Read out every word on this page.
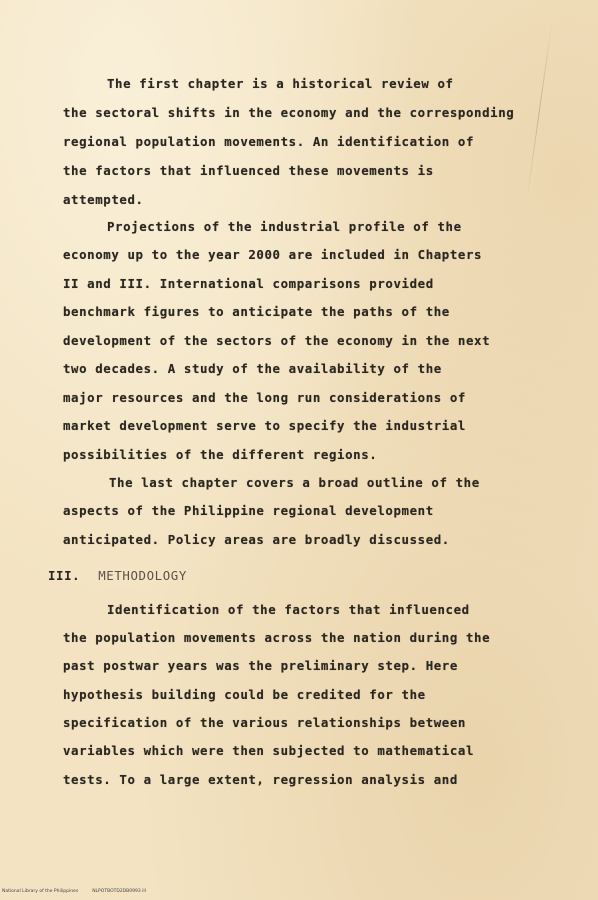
The first chapter is a historical review of
the sectoral shifts in the economy and the corresponding
regional population movements. An identification of
the factors that influenced these movements is
attempted.
Projections of the industrial profile of the
economy up to the year 2000 are included in Chapters
II and III. International comparisons provided
benchmark figures to anticipate the paths of the
development of the sectors of the economy in the next
two decades. A study of the availability of the
major resources and the long run considerations of
market development serve to specify the industrial
possibilities of the different regions.
The last chapter covers a broad outline of the
aspects of the Philippine regional development
anticipated. Policy areas are broadly discussed.
III. METHODOLOGY
Identification of the factors that influenced
the population movements across the nation during the
past postwar years was the preliminary step. Here
hypothesis building could be credited for the
specification of the various relationships between
variables which were then subjected to mathematical
tests. To a large extent, regression analysis and
National Library of the Philippines	NLPOTBOTD2DB0993 ill
